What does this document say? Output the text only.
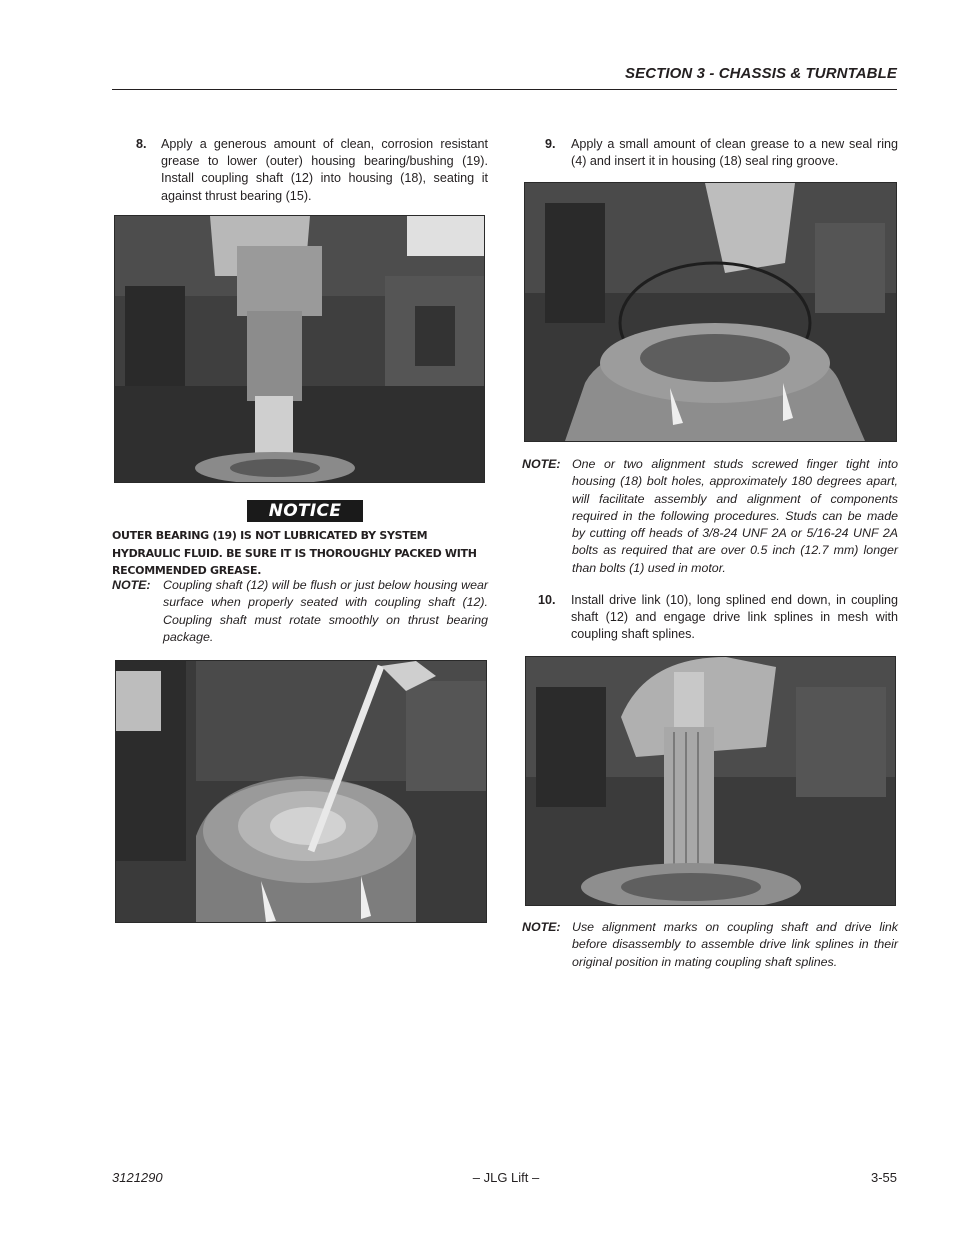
SECTION 3 - CHASSIS & TURNTABLE
8. Apply a generous amount of clean, corrosion resistant grease to lower (outer) housing bearing/bushing (19). Install coupling shaft (12) into housing (18), seating it against thrust bearing (15).
NOTICE
OUTER BEARING (19) IS NOT LUBRICATED BY SYSTEM HYDRAULIC FLUID. BE SURE IT IS THOROUGHLY PACKED WITH RECOMMENDED GREASE.
NOTE: Coupling shaft (12) will be flush or just below housing wear surface when properly seated with coupling shaft (12). Coupling shaft must rotate smoothly on thrust bearing package.
9. Apply a small amount of clean grease to a new seal ring (4) and insert it in housing (18) seal ring groove.
NOTE: One or two alignment studs screwed finger tight into housing (18) bolt holes, approximately 180 degrees apart, will facilitate assembly and alignment of components required in the following procedures. Studs can be made by cutting off heads of 3/8-24 UNF 2A or 5/16-24 UNF 2A bolts as required that are over 0.5 inch (12.7 mm) longer than bolts (1) used in motor.
10. Install drive link (10), long splined end down, in coupling shaft (12) and engage drive link splines in mesh with coupling shaft splines.
NOTE: Use alignment marks on coupling shaft and drive link before disassembly to assemble drive link splines in their original position in mating coupling shaft splines.
3121290	– JLG Lift –	3-55
